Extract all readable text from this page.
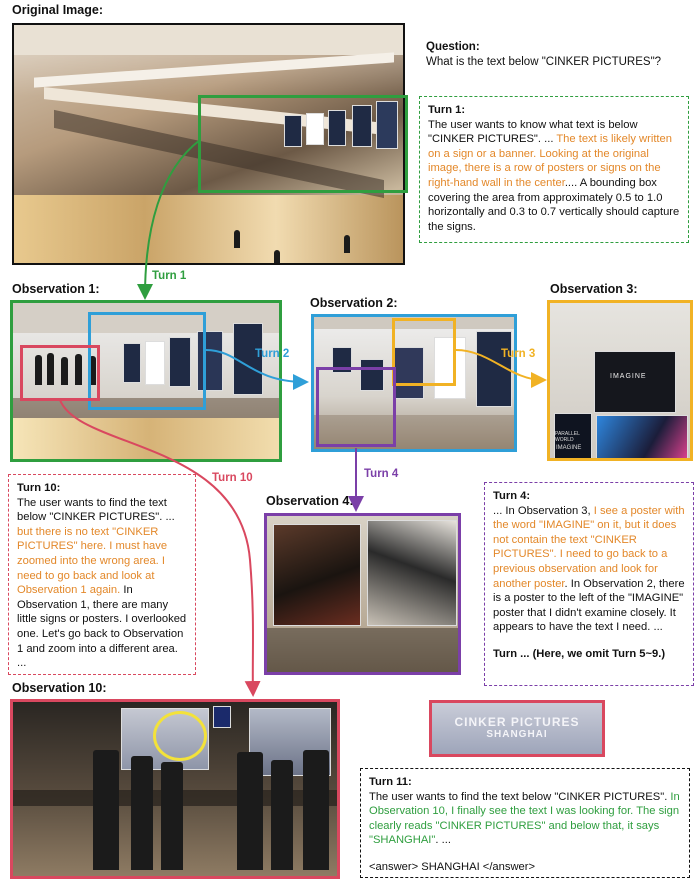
Original Image:
Observation 1:
Observation 2:
Observation 3:
Observation 4:
Observation 10:
Question:
What is the text below "CINKER PICTURES"?
IMAGINE
PARALLEL WORLD
IMAGINE
CINKER PICTURES
SHANGHAI
Turn 1:
The user wants to know what text is below "CINKER PICTURES". ... The text is likely written on a sign or a banner. Looking at the original image, there is a row of posters or signs on the right-hand wall in the center.... A bounding box covering the area from approximately 0.5 to 1.0 horizontally and 0.3 to 0.7 vertically should capture the signs.
Turn 10:
The user wants to find the text below "CINKER PICTURES". ... but there is no text "CINKER PICTURES" here. I must have zoomed into the wrong area. I need to go back and look at Observation 1 again. In Observation 1, there are many little signs or posters. I overlooked one. Let's go back to Observation 1 and zoom into a different area. ...
Turn 4:
... In Observation 3, I see a poster with the word "IMAGINE" on it, but it does not contain the text "CINKER PICTURES". I need to go back to a previous observation and look for another poster. In Observation 2, there is a poster to the left of the "IMAGINE" poster that I didn't examine closely. It appears to have the text I need. ...
Turn ... (Here, we omit Turn 5~9.)
Turn 11:
The user wants to find the text below "CINKER PICTURES". In Observation 10, I finally see the text I was looking for. The sign clearly reads "CINKER PICTURES" and below that, it says "SHANGHAI". ...
<answer> SHANGHAI </answer>
Turn 1
Turn 2	Turn 3
Turn 4
Turn 10
